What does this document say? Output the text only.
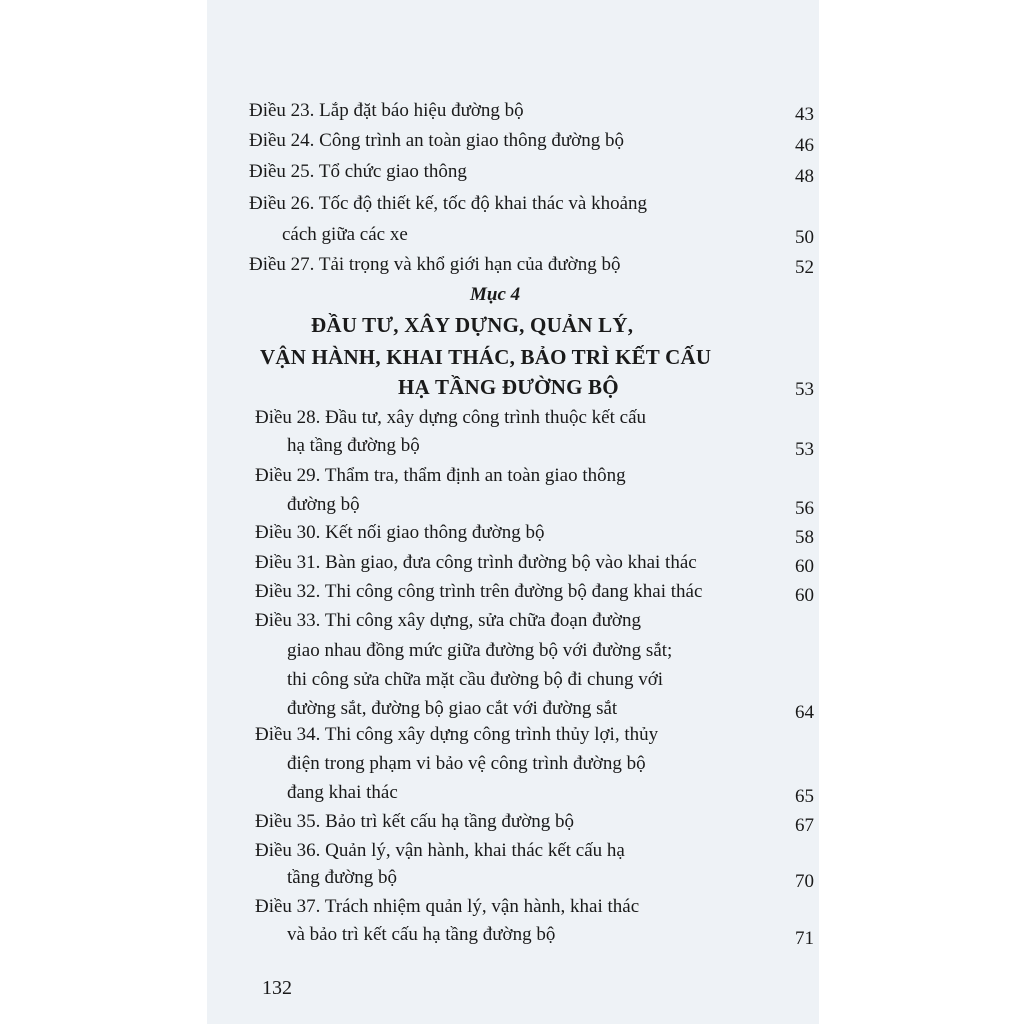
Điều 23. Lắp đặt báo hiệu đường bộ	43
Điều 24. Công trình an toàn giao thông đường bộ	46
Điều 25. Tổ chức giao thông	48
Điều 26. Tốc độ thiết kế, tốc độ khai thác và khoảng
cách giữa các xe	50
Điều 27. Tải trọng và khổ giới hạn của đường bộ	52
Mục 4
ĐẦU TƯ, XÂY DỰNG, QUẢN LÝ,
VẬN HÀNH, KHAI THÁC, BẢO TRÌ KẾT CẤU
HẠ TẦNG ĐƯỜNG BỘ	53
Điều 28. Đầu tư, xây dựng công trình thuộc kết cấu
hạ tầng đường bộ	53
Điều 29. Thẩm tra, thẩm định an toàn giao thông
đường bộ	56
Điều 30. Kết nối giao thông đường bộ	58
Điều 31. Bàn giao, đưa công trình đường bộ vào khai thác	60
Điều 32. Thi công công trình trên đường bộ đang khai thác	60
Điều 33. Thi công xây dựng, sửa chữa đoạn đường
giao nhau đồng mức giữa đường bộ với đường sắt;
thi công sửa chữa mặt cầu đường bộ đi chung với
đường sắt, đường bộ giao cắt với đường sắt	64
Điều 34. Thi công xây dựng công trình thủy lợi, thủy
điện trong phạm vi bảo vệ công trình đường bộ
đang khai thác	65
Điều 35. Bảo trì kết cấu hạ tầng đường bộ	67
Điều 36. Quản lý, vận hành, khai thác kết cấu hạ
tầng đường bộ	70
Điều 37. Trách nhiệm quản lý, vận hành, khai thác
và bảo trì kết cấu hạ tầng đường bộ	71
132
